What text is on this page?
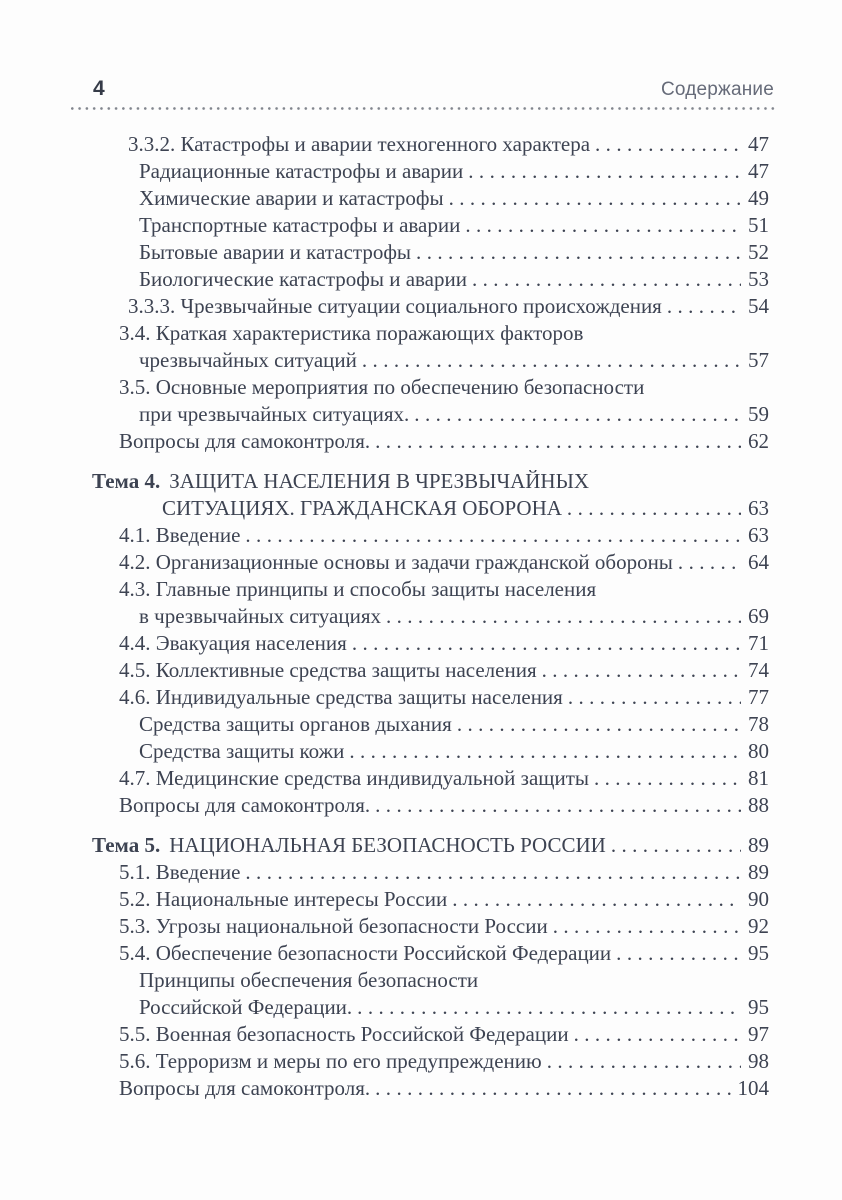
4	Содержание
3.3.2. Катастрофы и аварии техногенного характера .....	47
Радиационные катастрофы и аварии .....	47
Химические аварии и катастрофы .....	49
Транспортные катастрофы и аварии .....	51
Бытовые аварии и катастрофы .....	52
Биологические катастрофы и аварии .....	53
3.3.3. Чрезвычайные ситуации социального происхождения .....	54
3.4. Краткая характеристика поражающих факторов
чрезвычайных ситуаций .....	57
3.5. Основные мероприятия по обеспечению безопасности
при чрезвычайных ситуациях. .....	59
Вопросы для самоконтроля. .....	62
Тема 4. ЗАЩИТА НАСЕЛЕНИЯ В ЧРЕЗВЫЧАЙНЫХ
СИТУАЦИЯХ. ГРАЖДАНСКАЯ ОБОРОНА .....	63
4.1. Введение .....	63
4.2. Организационные основы и задачи гражданской обороны .....	64
4.3. Главные принципы и способы защиты населения
в чрезвычайных ситуациях .....	69
4.4. Эвакуация населения .....	71
4.5. Коллективные средства защиты населения .....	74
4.6. Индивидуальные средства защиты населения .....	77
Средства защиты органов дыхания .....	78
Средства защиты кожи .....	80
4.7. Медицинские средства индивидуальной защиты .....	81
Вопросы для самоконтроля. .....	88
Тема 5. НАЦИОНАЛЬНАЯ БЕЗОПАСНОСТЬ РОССИИ .....	89
5.1. Введение .....	89
5.2. Национальные интересы России .....	90
5.3. Угрозы национальной безопасности России .....	92
5.4. Обеспечение безопасности Российской Федерации .....	95
Принципы обеспечения безопасности
Российской Федерации. .....	95
5.5. Военная безопасность Российской Федерации .....	97
5.6. Терроризм и меры по его предупреждению .....	98
Вопросы для самоконтроля. .....	104
